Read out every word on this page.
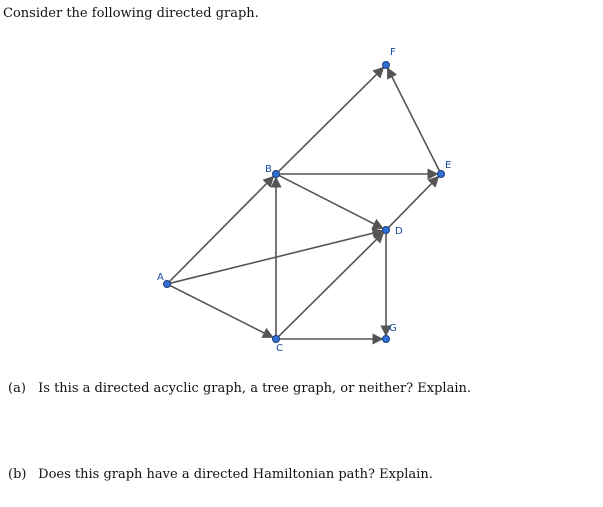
Consider the following directed graph.
A
B
C
D
E
F
G
(a) Is this a directed acyclic graph, a tree graph, or neither? Explain.
(b) Does this graph have a directed Hamiltonian path? Explain.
